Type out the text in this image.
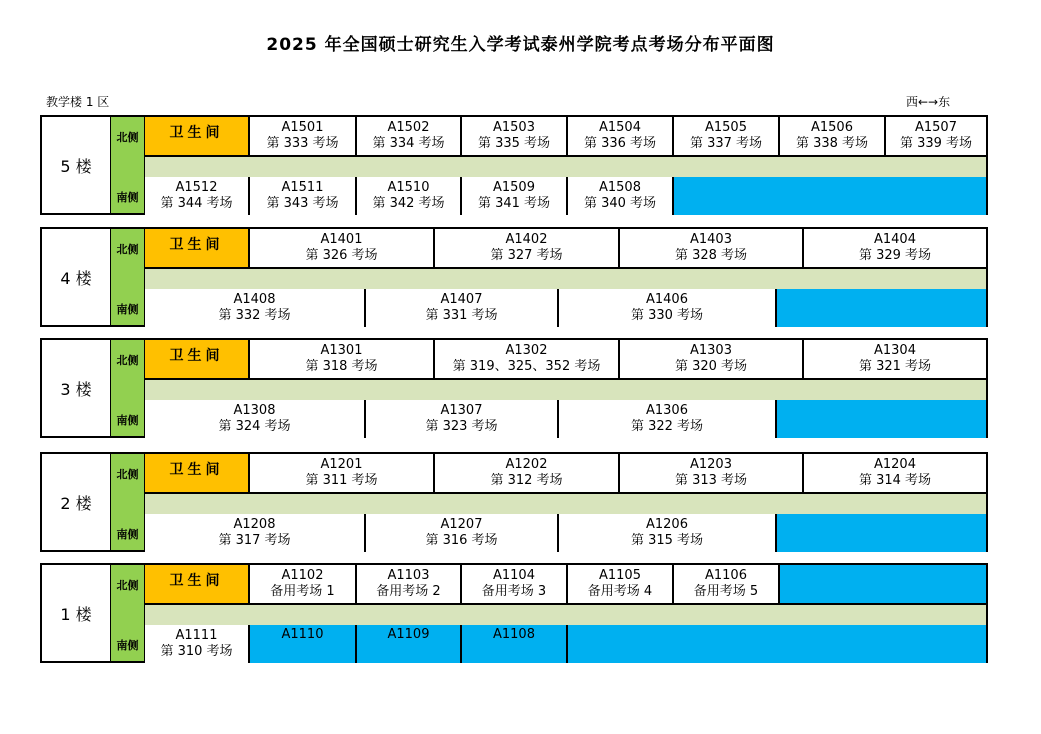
2025 年全国硕士研究生入学考试泰州学院考点考场分布平面图
教学楼 1 区	西←→东
5 楼
北侧
南侧
卫生间	A1501
第 333 考场
A1502
第 334 考场
A1503
第 335 考场
A1504
第 336 考场
A1505
第 337 考场
A1506
第 338 考场
A1507
第 339 考场
A1512
第 344 考场
A1511
第 343 考场
A1510
第 342 考场
A1509
第 341 考场
A1508
第 340 考场
4 楼
北侧
南侧
卫生间	A1401
第 326 考场
A1402
第 327 考场
A1403
第 328 考场
A1404
第 329 考场
A1408
第 332 考场
A1407
第 331 考场
A1406
第 330 考场
3 楼
北侧
南侧
卫生间	A1301
第 318 考场
A1302
第 319、325、352 考场
A1303
第 320 考场
A1304
第 321 考场
A1308
第 324 考场
A1307
第 323 考场
A1306
第 322 考场
2 楼
北侧
南侧
卫生间	A1201
第 311 考场
A1202
第 312 考场
A1203
第 313 考场
A1204
第 314 考场
A1208
第 317 考场
A1207
第 316 考场
A1206
第 315 考场
1 楼
北侧
南侧
卫生间	A1102
备用考场 1
A1103
备用考场 2
A1104
备用考场 3
A1105
备用考场 4
A1106
备用考场 5
A1111
第 310 考场
A1110	A1109	A1108
